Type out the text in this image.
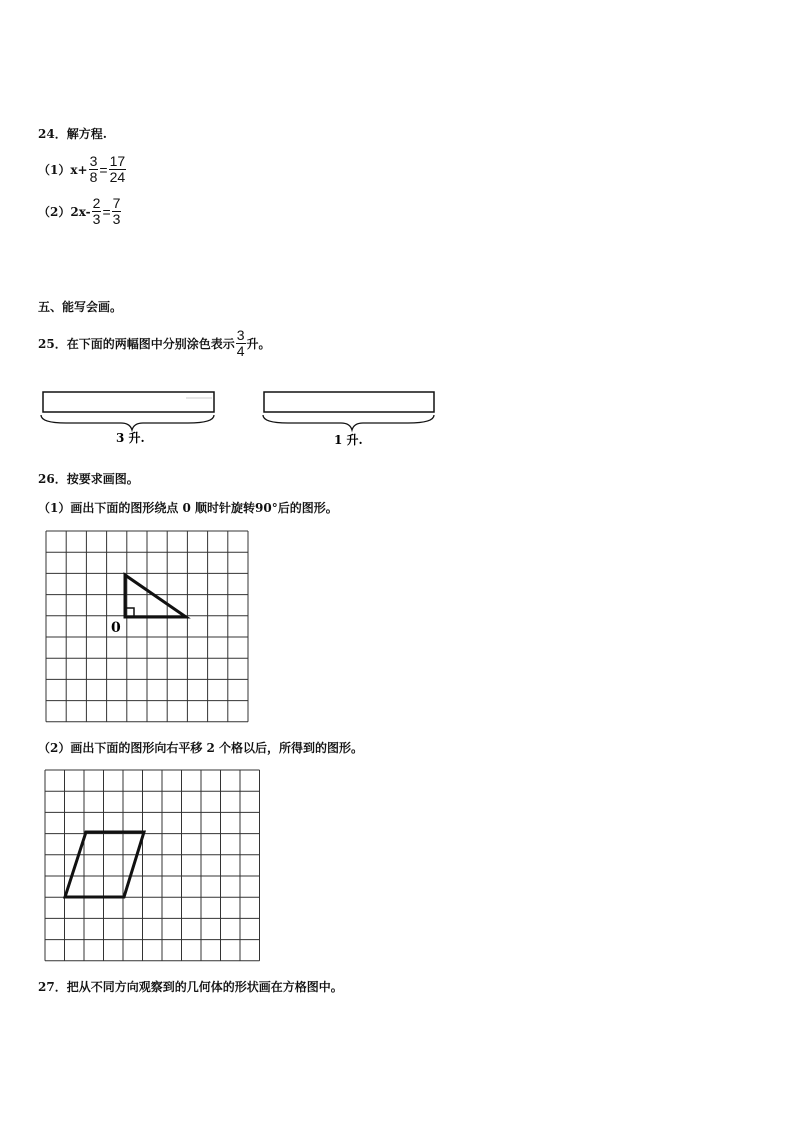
24．解方程.
（1） $x+ \frac{3}{8} = \frac{17}{24}$
（2） $2x- \frac{2}{3} = \frac{7}{3}$
五、能写会画。
25．在下面的两幅图中分别涂色表示 $\frac{3}{4}$ 升。
3 升.	1 升.
26．按要求画图。
（1）画出下面的图形绕点 0 顺时针旋转90°后的图形。
0
（2）画出下面的图形向右平移 2 个格以后，所得到的图形。
27．把从不同方向观察到的几何体的形状画在方格图中。
